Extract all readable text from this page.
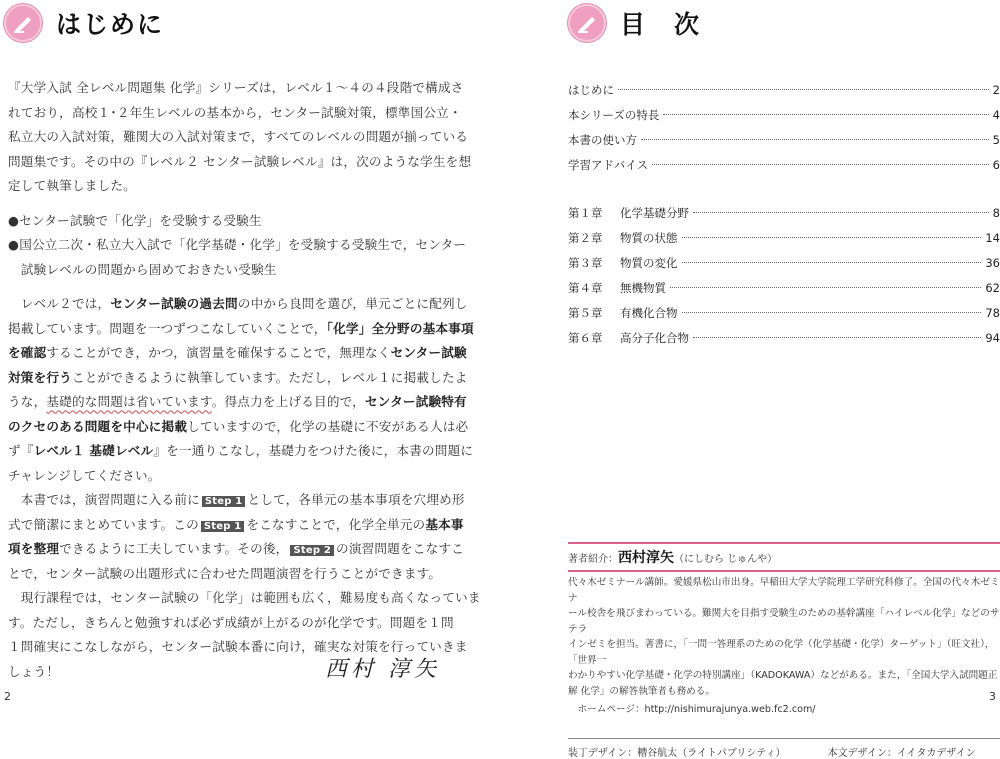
はじめに
『大学入試 全レベル問題集 化学』シリーズは，レベル１～４の４段階で構成さ
れており，高校１･２年生レベルの基本から，センター試験対策，標準国公立・
私立大の入試対策，難関大の入試対策まで，すべてのレベルの問題が揃っている
問題集です。その中の『レベル２ センター試験レベル』は，次のような学生を想
定して執筆しました。
●センター試験で「化学」を受験する受験生
●国公立二次・私立大入試で「化学基礎・化学」を受験する受験生で，センター
　試験レベルの問題から固めておきたい受験生
　レベル２では，センター試験の過去問の中から良問を選び，単元ごとに配列し
掲載しています。問題を一つずつこなしていくことで，「化学」全分野の基本事項
を確認することができ，かつ，演習量を確保することで，無理なくセンター試験
対策を行うことができるように執筆しています。ただし，レベル１に掲載したよ
うな，基礎的な問題は省いています。得点力を上げる目的で，センター試験特有
のクセのある問題を中心に掲載していますので，化学の基礎に不安がある人は必
ず『レベル１ 基礎レベル』を一通りこなし，基礎力をつけた後に，本書の問題に
チャレンジしてください。
　本書では，演習問題に入る前に Step 1 として，各単元の基本事項を穴埋め形
式で簡潔にまとめています。この Step 1 をこなすことで，化学全単元の基本事
項を整理できるように工夫しています。その後， Step 2 の演習問題をこなすこ
とで，センター試験の出題形式に合わせた問題演習を行うことができます。
　現行課程では，センター試験の「化学」は範囲も広く，難易度も高くなっていま
す。ただし，きちんと勉強すれば必ず成績が上がるのが化学です。問題を１問
１問確実にこなしながら，センター試験本番に向け，確実な対策を行っていきま
しょう！	西村 淳矢
2
目　次
はじめに	2
本シリーズの特長	4
本書の使い方	5
学習アドバイス	6
第１章	化学基礎分野	8
第２章	物質の状態	14
第３章	物質の変化	36
第４章	無機物質	62
第５章	有機化合物	78
第６章	高分子化合物	94
著者紹介： 西村淳矢 （にしむら じゅんや）
代々木ゼミナール講師。愛媛県松山市出身。早稲田大学大学院理工学研究科修了。全国の代々木ゼミナ
ール校舎を飛びまわっている。難関大を目指す受験生のための基幹講座「ハイレベル化学」などのサテラ
インゼミを担当。著書に，「一問一答理系のための化学（化学基礎・化学）ターゲット」（旺文社），「世界一
わかりやすい化学基礎・化学の特別講座」（KADOKAWA）などがある。また，「全国大学入試問題正
解 化学」の解答執筆者も務める。
　ホームページ：http://nishimurajunya.web.fc2.com/
装丁デザイン：糟谷航太（ライトパブリシティ）	本文デザイン：イイタカデザイン
3
